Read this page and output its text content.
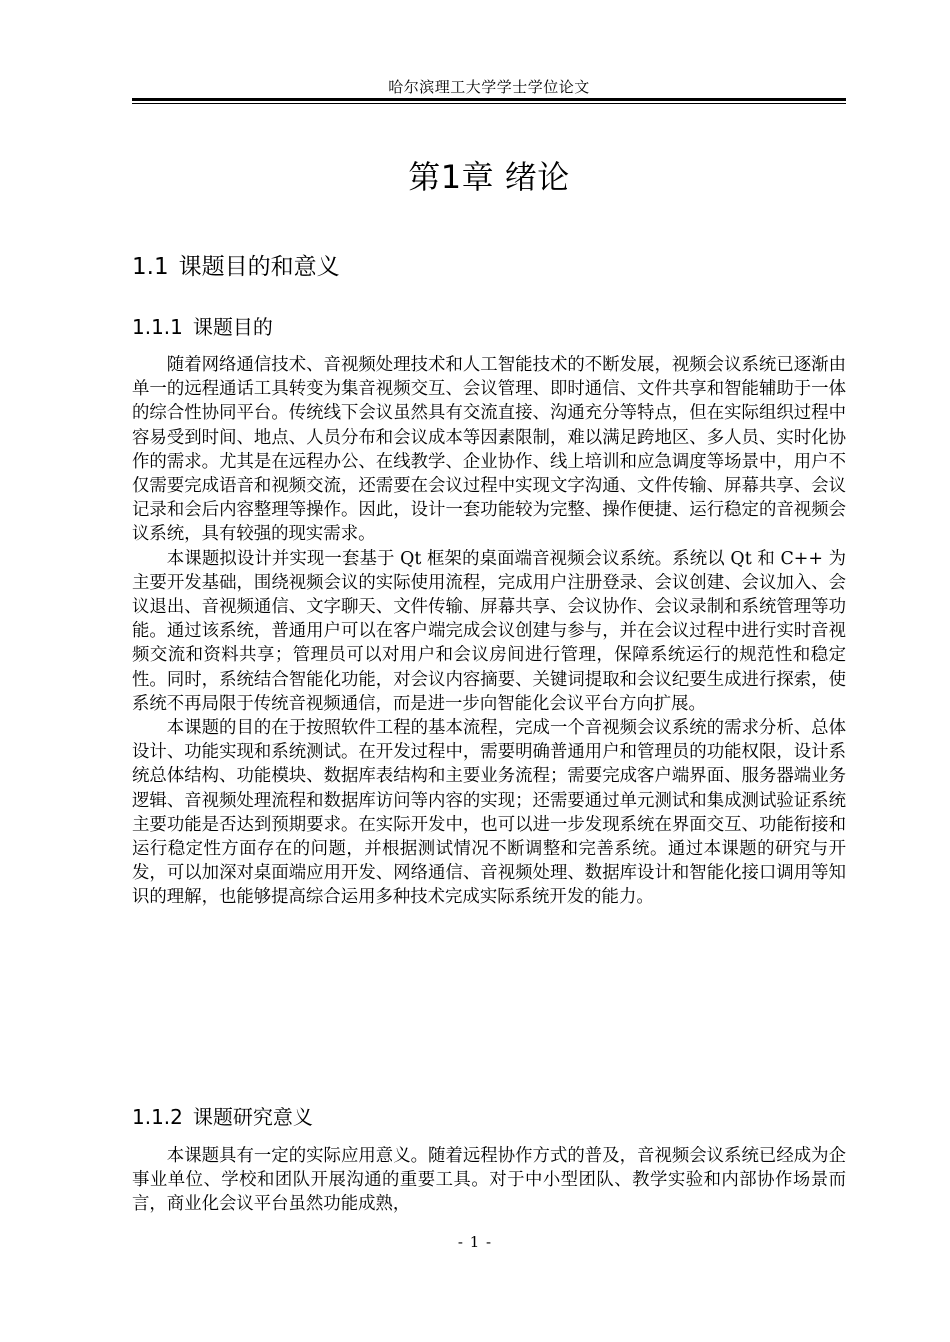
哈尔滨理工大学学士学位论文
第1章 绪论
1.1 课题目的和意义
1.1.1 课题目的

随着网络通信技术、音视频处理技术和人工智能技术的不断发展，视频会议系统已逐渐由单一的远程通话工具转变为集音视频交互、会议管理、即时通信、文件共享和智能辅助于一体的综合性协同平台。传统线下会议虽然具有交流直接、沟通充分等特点，但在实际组织过程中容易受到时间、地点、人员分布和会议成本等因素限制，难以满足跨地区、多人员、实时化协作的需求。尤其是在远程办公、在线教学、企业协作、线上培训和应急调度等场景中，用户不仅需要完成语音和视频交流，还需要在会议过程中实现文字沟通、文件传输、屏幕共享、会议记录和会后内容整理等操作。因此，设计一套功能较为完整、操作便捷、运行稳定的音视频会议系统，具有较强的现实需求。

本课题拟设计并实现一套基于 Qt 框架的桌面端音视频会议系统。系统以 Qt 和 C++ 为主要开发基础，围绕视频会议的实际使用流程，完成用户注册登录、会议创建、会议加入、会议退出、音视频通信、文字聊天、文件传输、屏幕共享、会议协作、会议录制和系统管理等功能。通过该系统，普通用户可以在客户端完成会议创建与参与，并在会议过程中进行实时音视频交流和资料共享；管理员可以对用户和会议房间进行管理，保障系统运行的规范性和稳定性。同时，系统结合智能化功能，对会议内容摘要、关键词提取和会议纪要生成进行探索，使系统不再局限于传统音视频通信，而是进一步向智能化会议平台方向扩展。

本课题的目的在于按照软件工程的基本流程，完成一个音视频会议系统的需求分析、总体设计、功能实现和系统测试。在开发过程中，需要明确普通用户和管理员的功能权限，设计系统总体结构、功能模块、数据库表结构和主要业务流程；需要完成客户端界面、服务器端业务逻辑、音视频处理流程和数据库访问等内容的实现；还需要通过单元测试和集成测试验证系统主要功能是否达到预期要求。在实际开发中，也可以进一步发现系统在界面交互、功能衔接和运行稳定性方面存在的问题，并根据测试情况不断调整和完善系统。通过本课题的研究与开发，可以加深对桌面端应用开发、网络通信、音视频处理、数据库设计和智能化接口调用等知识的理解，也能够提高综合运用多种技术完成实际系统开发的能力。

1.1.2 课题研究意义

本课题具有一定的实际应用意义。随着远程协作方式的普及，音视频会议系统已经成为企事业单位、学校和团队开展沟通的重要工具。对于中小型团队、教学实验和内部协作场景而言，商业化会议平台虽然功能成熟，

- 1 -
